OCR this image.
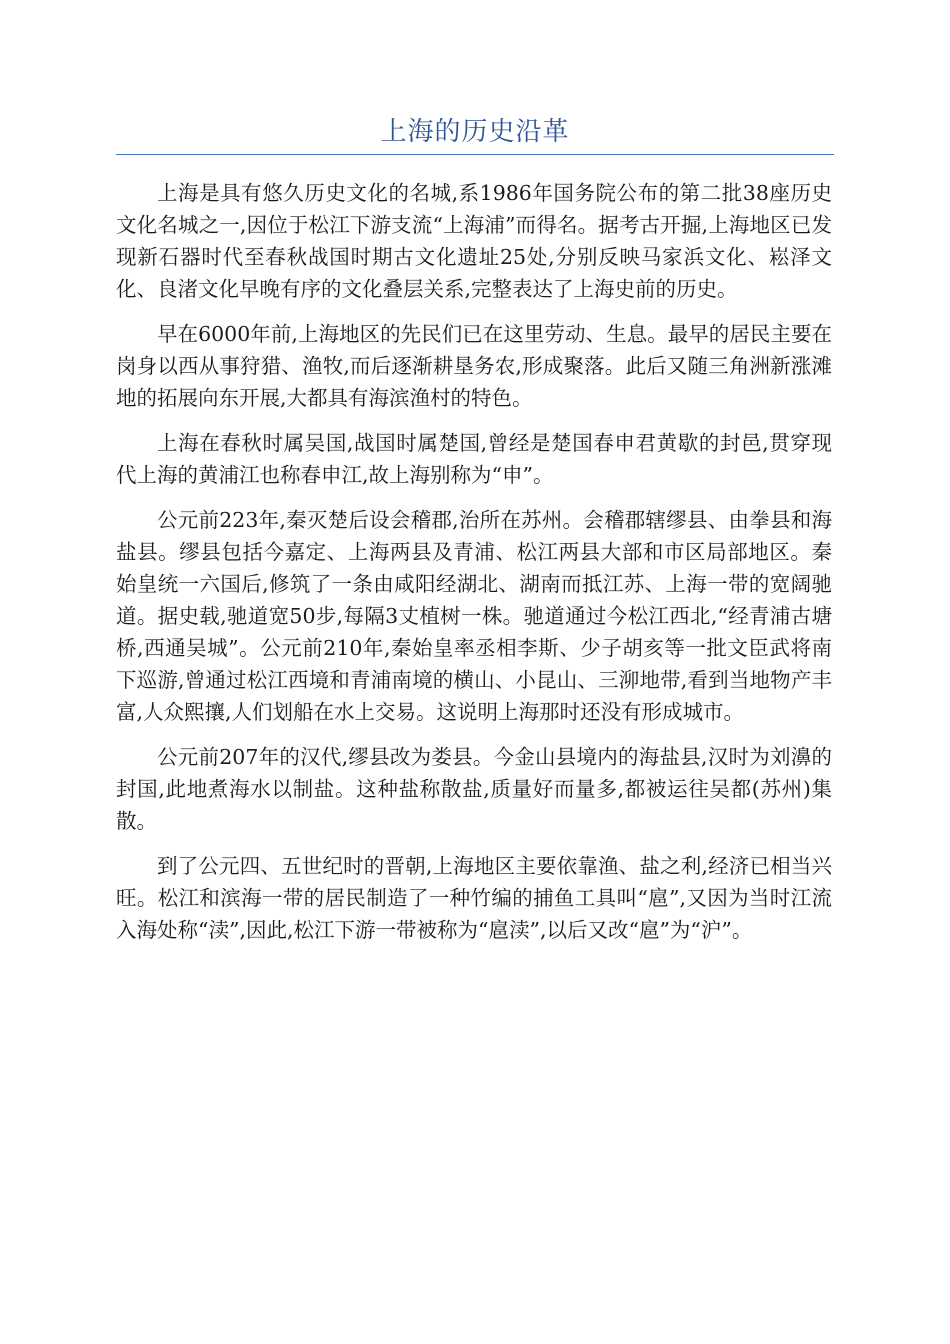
上海的历史沿革

上海是具有悠久历史文化的名城,系1986年国务院公布的第二批38座历史文化名城之一,因位于松江下游支流“上海浦”而得名。据考古开掘,上海地区已发现新石器时代至春秋战国时期古文化遗址25处,分别反映马家浜文化、崧泽文化、良渚文化早晚有序的文化叠层关系,完整表达了上海史前的历史。

早在6000年前,上海地区的先民们已在这里劳动、生息。最早的居民主要在岗身以西从事狩猎、渔牧,而后逐渐耕垦务农,形成聚落。此后又随三角洲新涨滩地的拓展向东开展,大都具有海滨渔村的特色。

上海在春秋时属吴国,战国时属楚国,曾经是楚国春申君黄歇的封邑,贯穿现代上海的黄浦江也称春申江,故上海别称为“申”。

公元前223年,秦灭楚后设会稽郡,治所在苏州。会稽郡辖缪县、由拳县和海盐县。缪县包括今嘉定、上海两县及青浦、松江两县大部和市区局部地区。秦始皇统一六国后,修筑了一条由咸阳经湖北、湖南而抵江苏、上海一带的宽阔驰道。据史载,驰道宽50步,每隔3丈植树一株。驰道通过今松江西北,“经青浦古塘桥,西通吴城”。公元前210年,秦始皇率丞相李斯、少子胡亥等一批文臣武将南下巡游,曾通过松江西境和青浦南境的横山、小昆山、三泖地带,看到当地物产丰富,人众熙攘,人们划船在水上交易。这说明上海那时还没有形成城市。

公元前207年的汉代,缪县改为娄县。今金山县境内的海盐县,汉时为刘濞的封国,此地煮海水以制盐。这种盐称散盐,质量好而量多,都被运往吴都(苏州)集散。

到了公元四、五世纪时的晋朝,上海地区主要依靠渔、盐之利,经济已相当兴旺。松江和滨海一带的居民制造了一种竹编的捕鱼工具叫“扈”,又因为当时江流入海处称“渎”,因此,松江下游一带被称为“扈渎”,以后又改“扈”为“沪”。
